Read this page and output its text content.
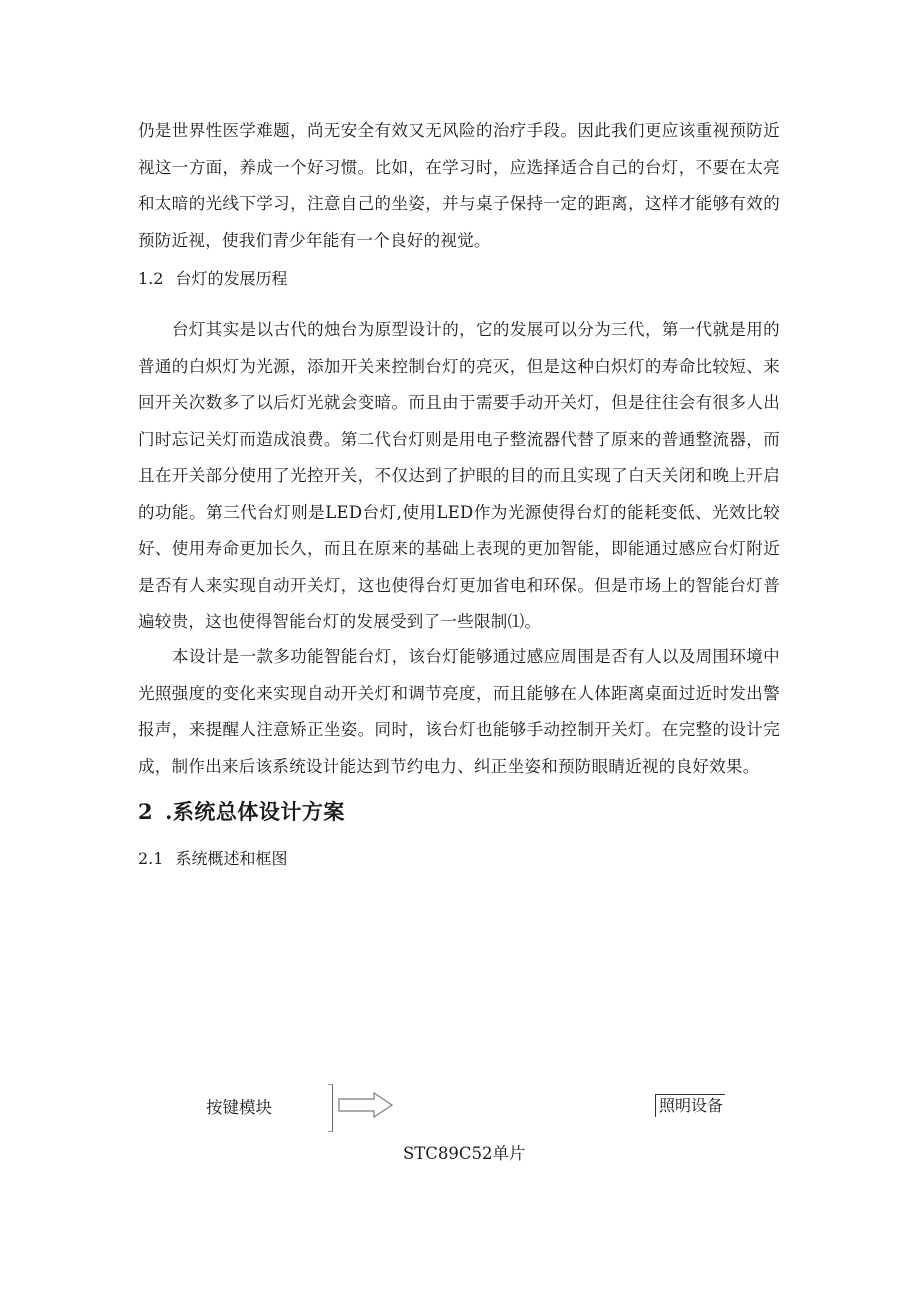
仍是世界性医学难题，尚无安全有效又无风险的治疗手段。因此我们更应该重视预防近视这一方面，养成一个好习惯。比如，在学习时，应选择适合自己的台灯，不要在太亮和太暗的光线下学习，注意自己的坐姿，并与桌子保持一定的距离，这样才能够有效的预防近视，使我们青少年能有一个良好的视觉。

1.2 台灯的发展历程

台灯其实是以古代的烛台为原型设计的，它的发展可以分为三代，第一代就是用的普通的白炽灯为光源，添加开关来控制台灯的亮灭，但是这种白炽灯的寿命比较短、来回开关次数多了以后灯光就会变暗。而且由于需要手动开关灯，但是往往会有很多人出门时忘记关灯而造成浪费。第二代台灯则是用电子整流器代替了原来的普通整流器，而且在开关部分使用了光控开关，不仅达到了护眼的目的而且实现了白天关闭和晚上开启的功能。第三代台灯则是LED台灯,使用LED作为光源使得台灯的能耗变低、光效比较好、使用寿命更加长久，而且在原来的基础上表现的更加智能，即能通过感应台灯附近是否有人来实现自动开关灯，这也使得台灯更加省电和环保。但是市场上的智能台灯普遍较贵，这也使得智能台灯的发展受到了一些限制⑴。

本设计是一款多功能智能台灯，该台灯能够通过感应周围是否有人以及周围环境中光照强度的变化来实现自动开关灯和调节亮度，而且能够在人体距离桌面过近时发出警报声，来提醒人注意矫正坐姿。同时，该台灯也能够手动控制开关灯。在完整的设计完成，制作出来后该系统设计能达到节约电力、纠正坐姿和预防眼睛近视的良好效果。

2 .系统总体设计方案
2.1 系统概述和框图

按键模块	照明设备

STC89C52单片
